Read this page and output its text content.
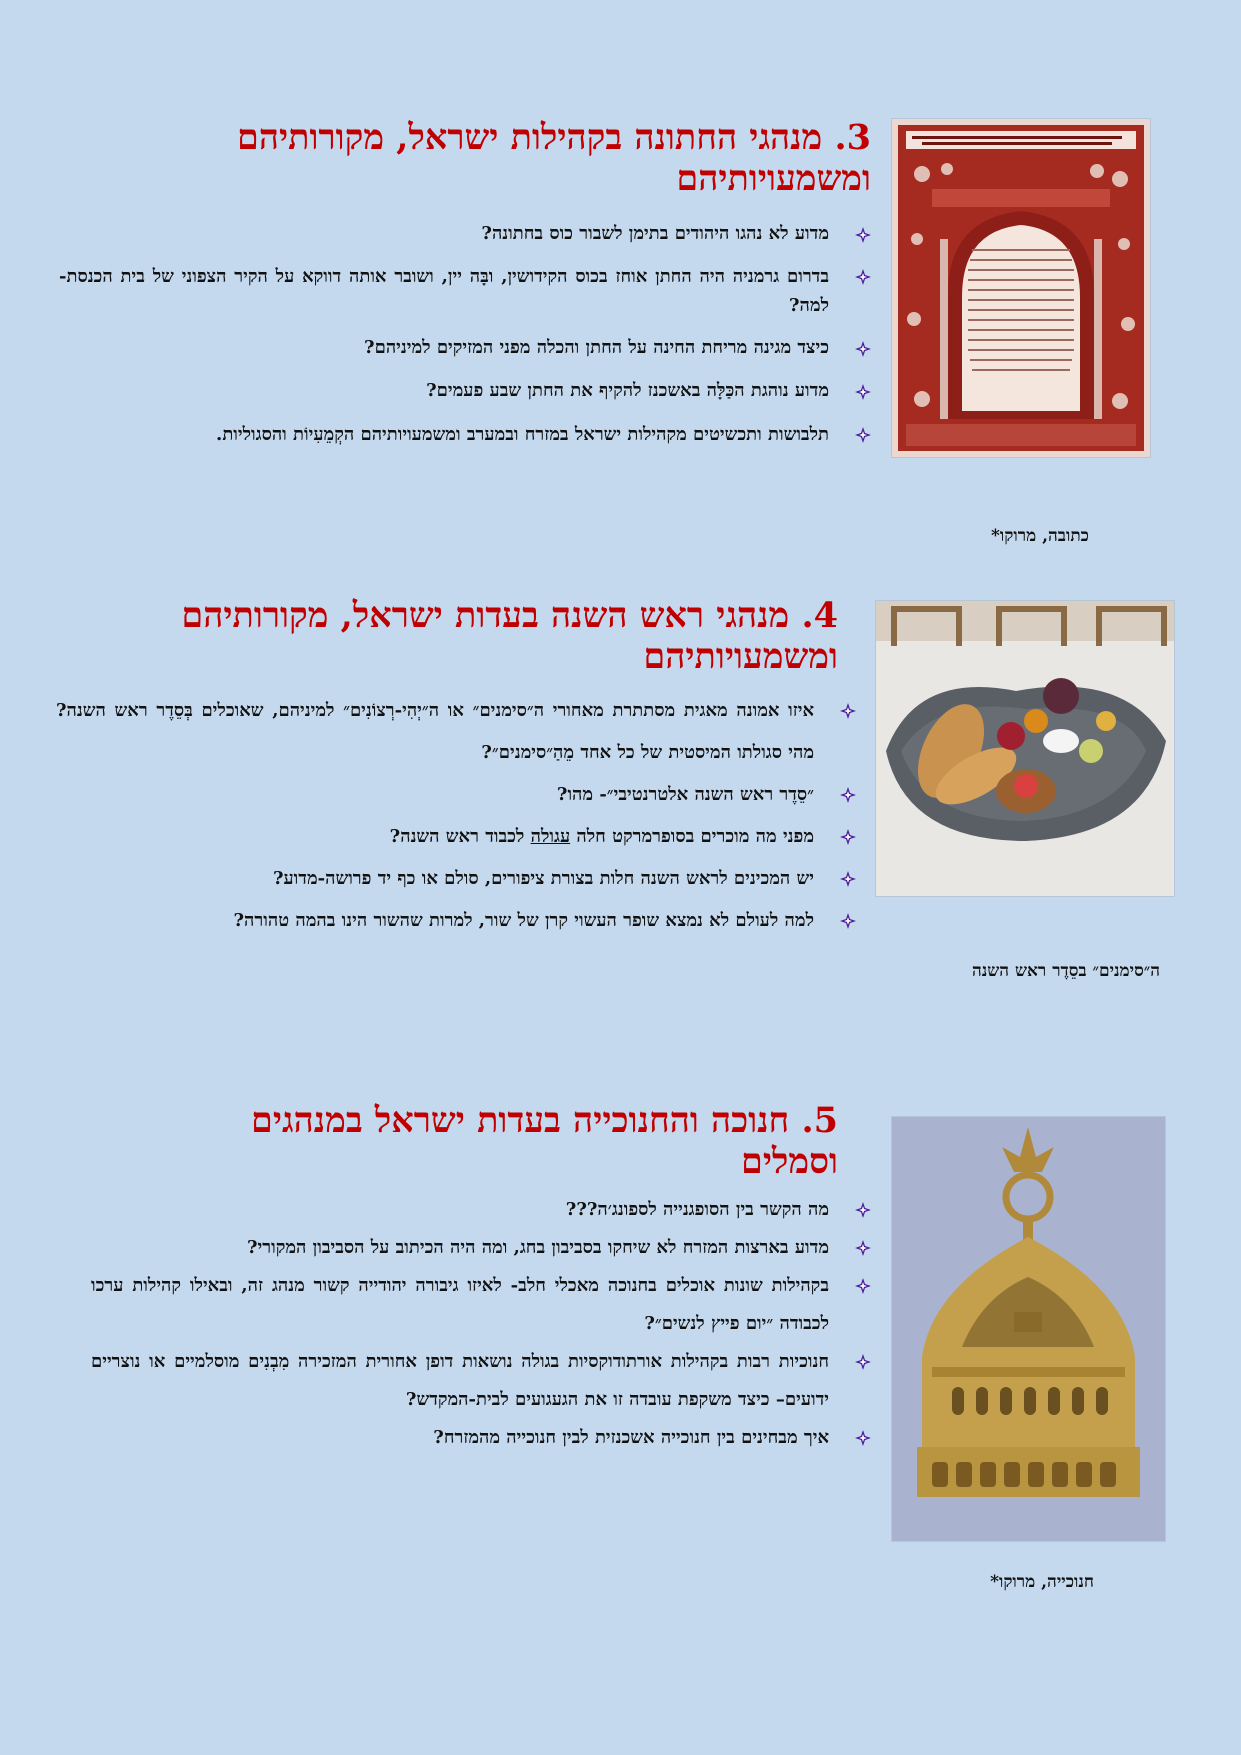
3. מנהגי החתונה בקהילות ישראל, מקורותיהם
ומשמעויותיהם
מדוע לא נהגו היהודים בתימן לשבור כוס בחתונה?
בדרום גרמניה היה החתן אוחז בכוס הקידושין, ובָּה יין, ושובר אותה דווקא על הקיר הצפוני של בית הכנסת- למה?
כיצד מגינה מריחת החינה על החתן והכלה מפני המזיקים למיניהם?
מדוע נוהגת הכַּלָּה באשכנז להקיף את החתן שבע פעמים?
תלבושות ותכשיטים מקהילות ישראל במזרח ובמערב ומשמעויותיהם הקְמֵעִיוֹת והסגוליות.

כתובה, מרוקו*

4. מנהגי ראש השנה בעדות ישראל, מקורותיהם
ומשמעויותיהם
איזו אמונה מאגית מסתתרת מאחורי ה״סימנים״ או ה״יְהִי-רְצוֹנִים״ למיניהם, שאוכלים בְּסֵדֶר ראש השנה? מהי סגולתו המיסטית של כל אחד מֵהַ״סימנים״?
״סֵדֶר ראש השנה אלטרנטיבי״- מהו?
מפני מה מוכרים בסופרמרקט חלה עגולה לכבוד ראש השנה?
יש המכינים לראש השנה חלות בצורת ציפורים, סולם או כף יד פרושה-מדוע?
למה לעולם לא נמצא שופר העשוי קרן של שור, למרות שהשור הינו בהמה טהורה?

ה״סימנים״ בסֵדֶר ראש השנה

5. חנוכה והחנוכייה בעדות ישראל במנהגים
וסמלים
מה הקשר בין הסופגנייה לספונג׳ה???
מדוע בארצות המזרח לא שיחקו בסביבון בחג, ומה היה הכיתוב על הסביבון המקורי?
בקהילות שונות אוכלים בחנוכה מאכלי חלב- לאיזו גיבורה יהודייה קשור מנהג זה, ובאילו קהילות ערכו לכבודה ״יום פייץ לנשים״?
חנוכיות רבות בקהילות אורתודוקסיות בגולה נושאות דופן אחורית המזכירה מִבְנִים מוסלמיים או נוצריים ידועים– כיצד משקפת עובדה זו את הגעגועים לבית-המקדש?
איך מבחינים בין חנוכייה אשכנזית לבין חנוכייה מהמזרח?

חנוכייה, מרוקו*
